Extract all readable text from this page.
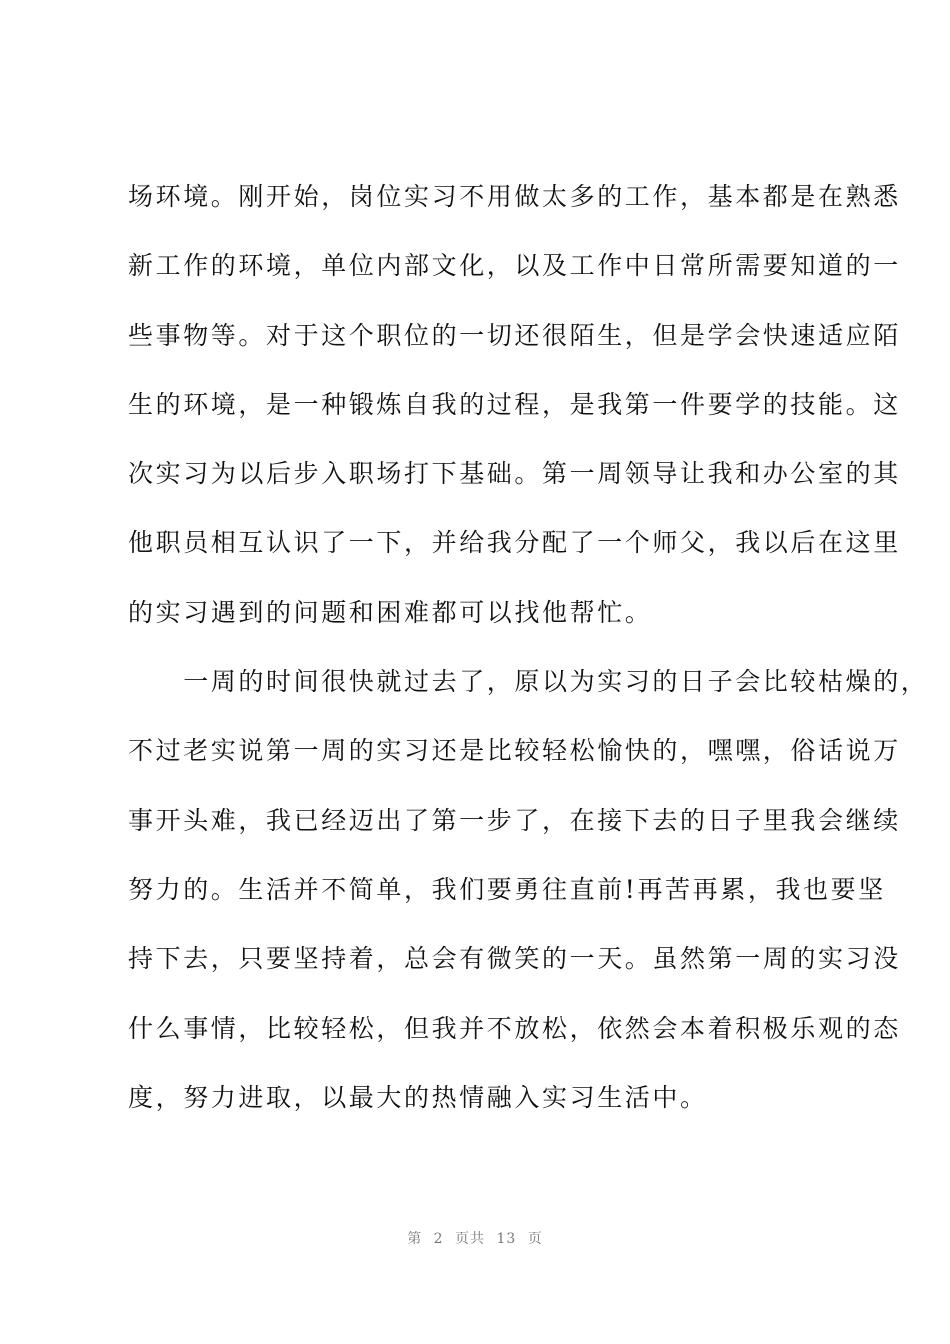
场环境。刚开始，岗位实习不用做太多的工作，基本都是在熟悉
新工作的环境，单位内部文化，以及工作中日常所需要知道的一
些事物等。对于这个职位的一切还很陌生，但是学会快速适应陌
生的环境，是一种锻炼自我的过程，是我第一件要学的技能。这
次实习为以后步入职场打下基础。第一周领导让我和办公室的其
他职员相互认识了一下，并给我分配了一个师父，我以后在这里
的实习遇到的问题和困难都可以找他帮忙。
　　一周的时间很快就过去了，原以为实习的日子会比较枯燥的，
不过老实说第一周的实习还是比较轻松愉快的，嘿嘿，俗话说万
事开头难，我已经迈出了第一步了，在接下去的日子里我会继续
努力的。生活并不简单，我们要勇往直前!再苦再累，我也要坚
持下去，只要坚持着，总会有微笑的一天。虽然第一周的实习没
什么事情，比较轻松，但我并不放松，依然会本着积极乐观的态
度，努力进取，以最大的热情融入实习生活中。
第 2 页共 13 页
